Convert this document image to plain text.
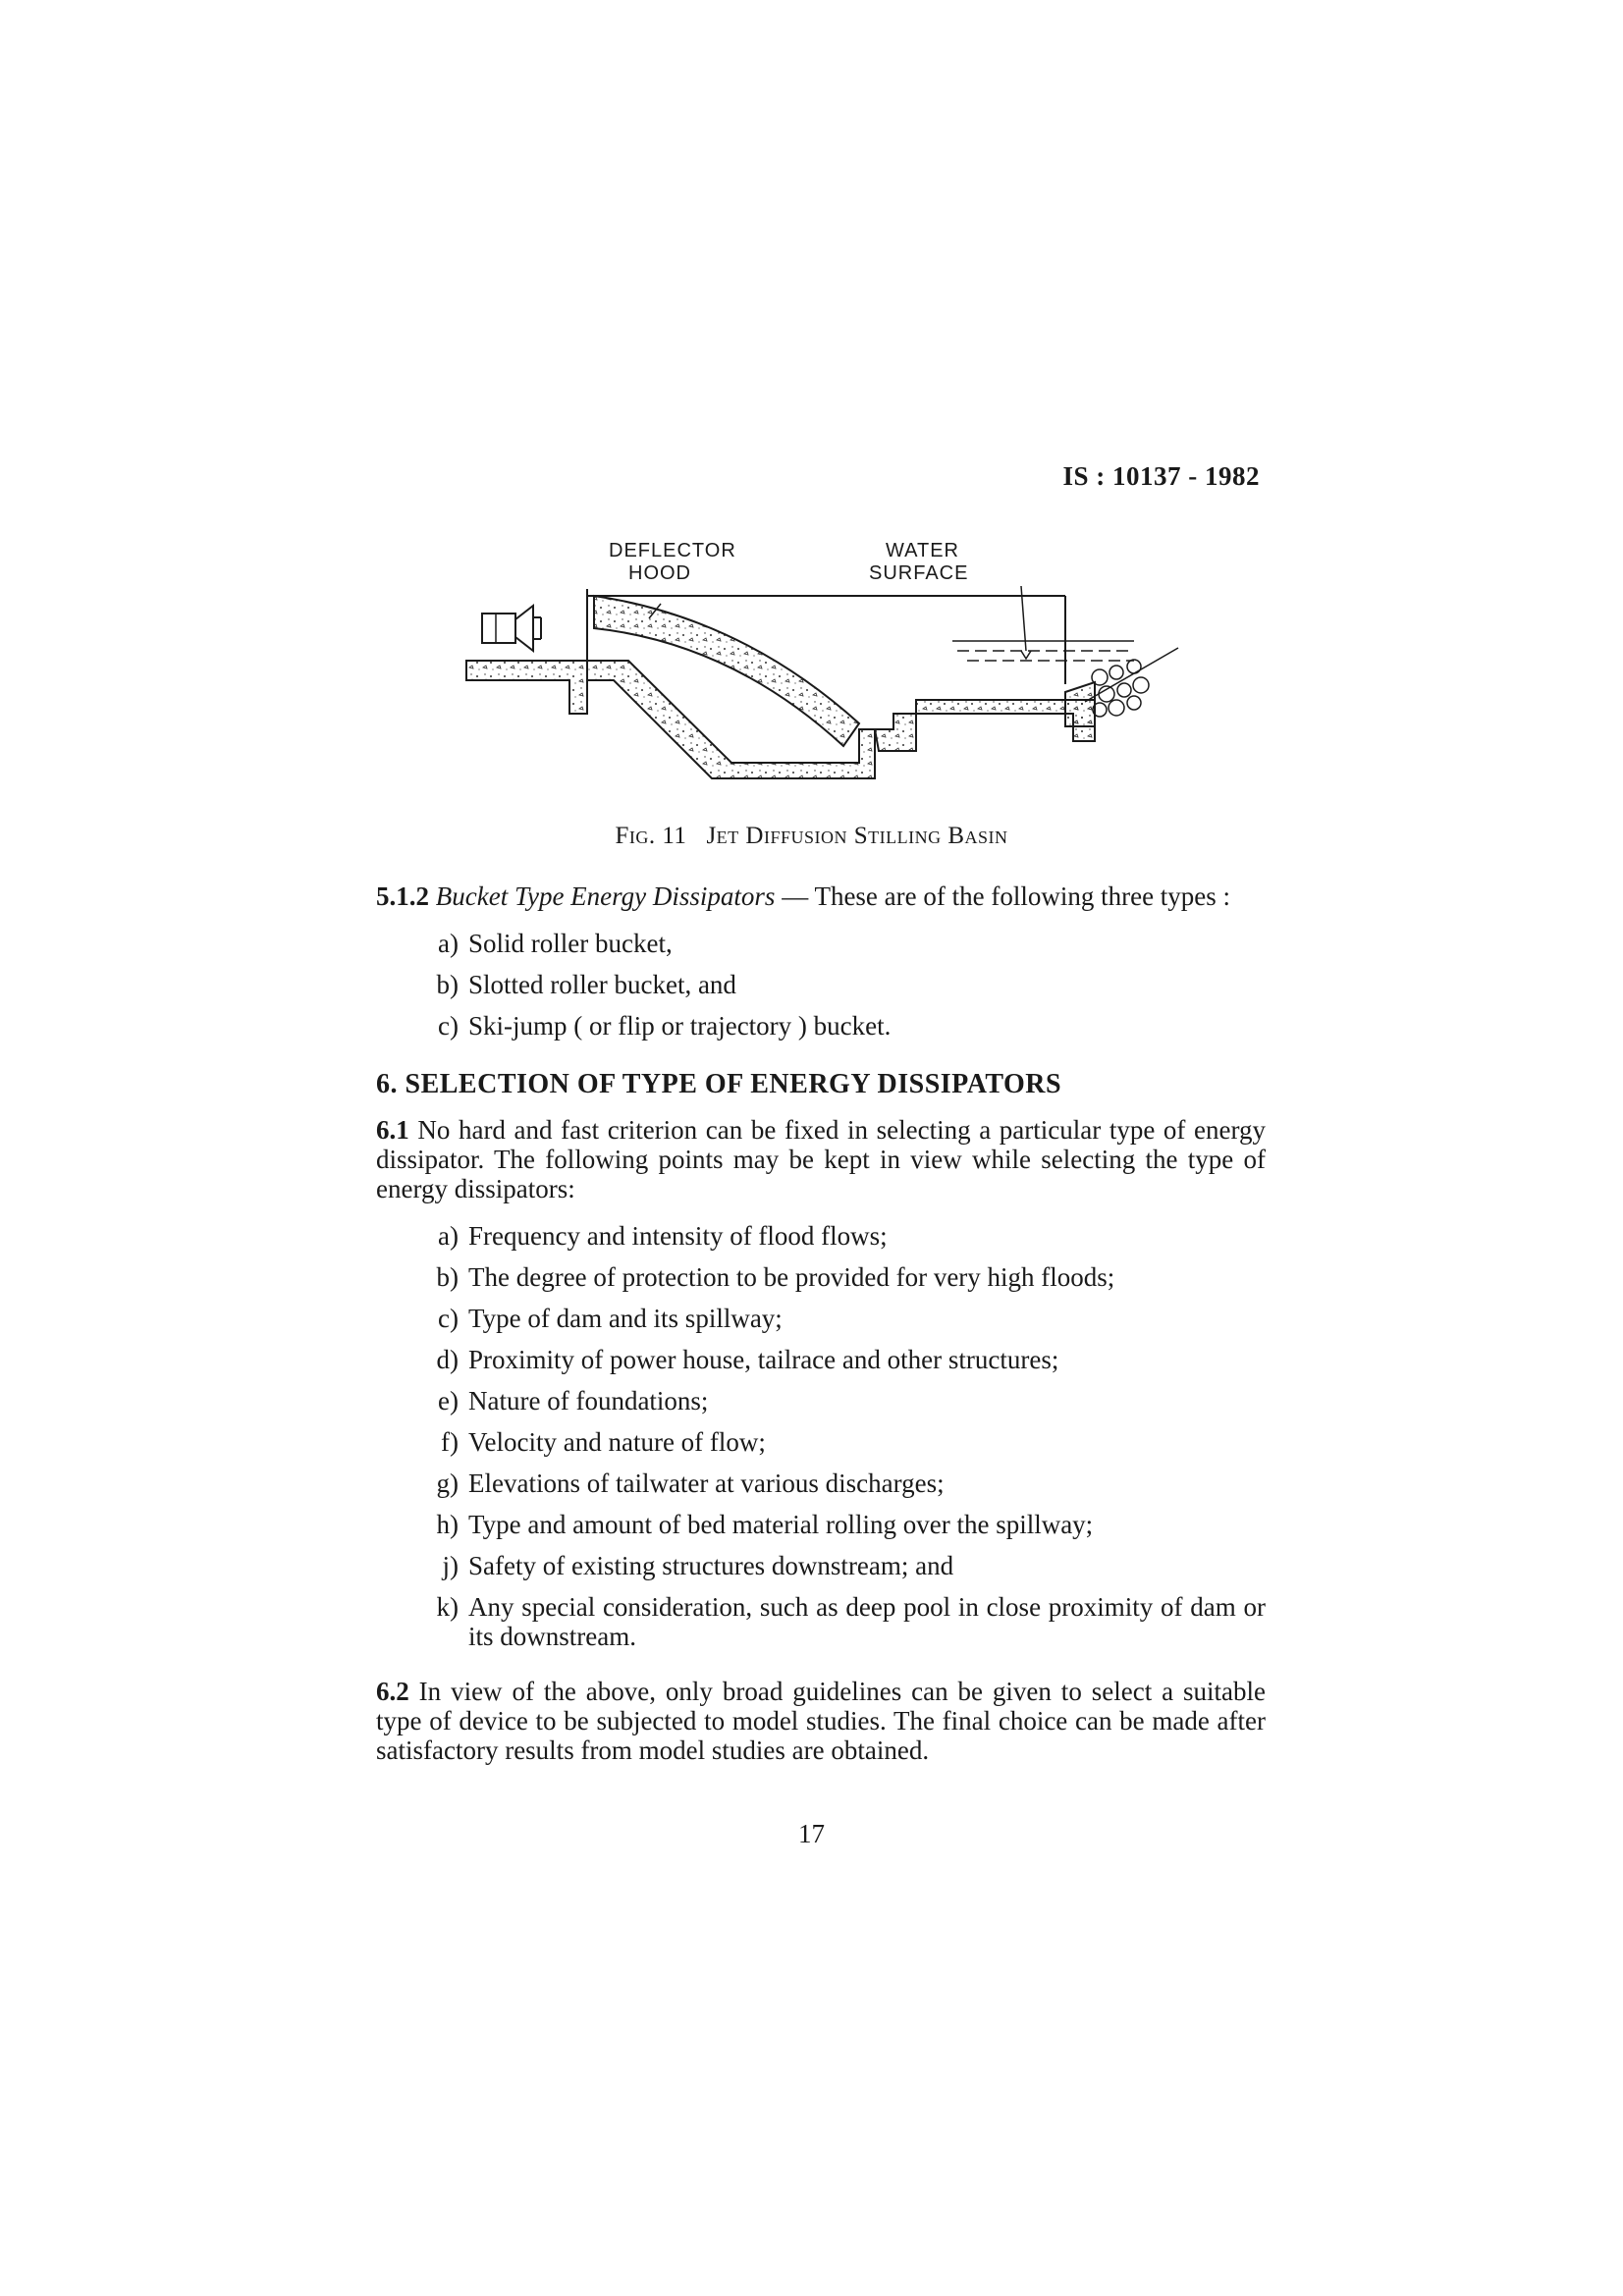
IS : 10137 - 1982
DEFLECTOR
HOOD
WATER
SURFACE
Fig. 11 Jet Diffusion Stilling Basin

5.1.2 Bucket Type Energy Dissipators — These are of the following three types :

a) Solid roller bucket,
b) Slotted roller bucket, and
c) Ski-jump ( or flip or trajectory ) bucket.
6. SELECTION OF TYPE OF ENERGY DISSIPATORS

6.1 No hard and fast criterion can be fixed in selecting a particular type of energy dissipator. The following points may be kept in view while selecting the type of energy dissipators:

a) Frequency and intensity of flood flows;
b) The degree of protection to be provided for very high floods;
c) Type of dam and its spillway;
d) Proximity of power house, tailrace and other structures;
e) Nature of foundations;
f) Velocity and nature of flow;
g) Elevations of tailwater at various discharges;
h) Type and amount of bed material rolling over the spillway;
j) Safety of existing structures downstream; and
k) Any special consideration, such as deep pool in close proximity of dam or its downstream.

6.2 In view of the above, only broad guidelines can be given to select a suitable type of device to be subjected to model studies. The final choice can be made after satisfactory results from model studies are obtained.

17
